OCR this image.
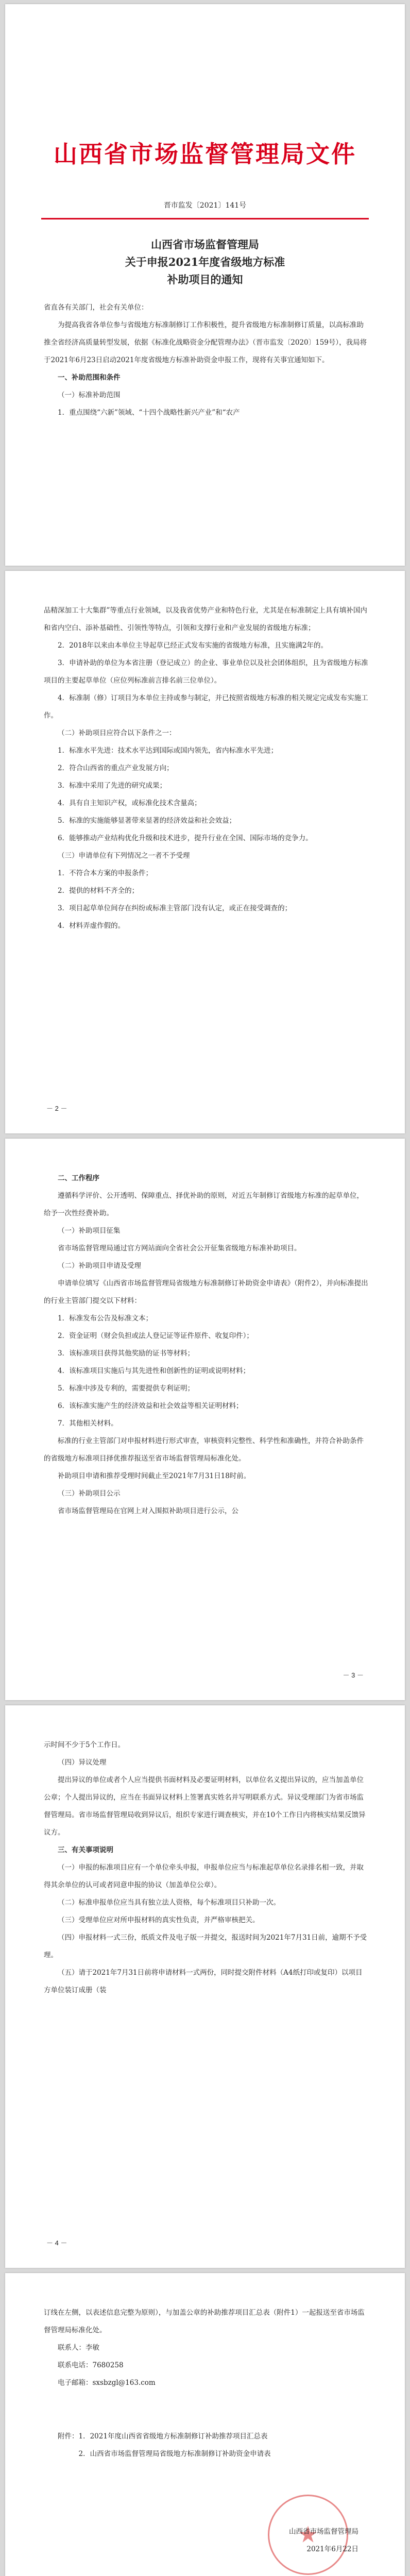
山西省市场监督管理局文件
晋市监发〔2021〕141号
山西省市场监督管理局
关于申报2021年度省级地方标准
补助项目的通知

省直各有关部门，社会有关单位：

为提高我省各单位参与省级地方标准制修订工作积极性，提升省级地方标准制修订质量，以高标准助推全省经济高质量转型发展，依据《标准化战略资金分配管理办法》（晋市监发〔2020〕159号），我局将于2021年6月23日启动2021年度省级地方标准补助资金申报工作，现将有关事宜通知如下。

一、补助范围和条件

（一）标准补助范围

1．重点围绕“六新”领域、“十四个战略性新兴产业”和“农产

品精深加工十大集群”等重点行业领域，以及我省优势产业和特色行业，尤其是在标准制定上具有填补国内和省内空白、添补基础性、引领性等特点，引领和支撑行业和产业发展的省级地方标准；

2．2018年以来由本单位主导起草已经正式发布实施的省级地方标准，且实施满2年的。

3．申请补助的单位为本省注册（登记成立）的企业、事业单位以及社会团体组织，且为省级地方标准项目的主要起草单位（应位列标准前言排名前三位单位）。

4．标准制（修）订项目为本单位主持或参与制定，并已按照省级地方标准的相关规定完成发布实施工作。

（二）补助项目应符合以下条件之一：

1．标准水平先进：技术水平达到国际或国内领先，省内标准水平先进；

2．符合山西省的重点产业发展方向；

3．标准中采用了先进的研究成果；

4．具有自主知识产权，或标准化技术含量高；

5．标准的实施能够显著带来显著的经济效益和社会效益；

6．能够推动产业结构优化升级和技术进步，提升行业在全国、国际市场的竞争力。

（三）申请单位有下列情况之一者不予受理

1．不符合本方案的申报条件；

2．提供的材料不齐全的；

3．项目起草单位间存在纠纷或标准主管部门没有认定，或正在接受调查的；

4．材料弄虚作假的。

－ 2 －

二、工作程序

遵循科学评价、公开透明、保障重点、择优补助的原则，对近五年制修订省级地方标准的起草单位，给予一次性经费补助。

（一）补助项目征集

省市场监督管理局通过官方网站面向全省社会公开征集省级地方标准补助项目。

（二）补助项目申请及受理

申请单位填写《山西省市场监督管理局省级地方标准制修订补助资金申请表》（附件2），并向标准提出的行业主管部门提交以下材料：

1．标准发布公告及标准文本；

2．资金证明（财会负担或法人登记证等证件原件、收复印件）；

3．该标准项目获得其他奖励的证书等材料；

4．该标准项目实施后与其先进性和创新性的证明或说明材料；

5．标准中涉及专利的，需要提供专利证明；

6．该标准实施产生的经济效益和社会效益等相关证明材料；

7．其他相关材料。

标准的行业主管部门对申报材料进行形式审查，审核资料完整性、科学性和准确性，并符合补助条件的省级地方标准项目择优推荐报送至省市场监督管理局标准化处。

补助项目申请和推荐受理时间截止至2021年7月31日18时前。

（三）补助项目公示

省市场监督管理局在官网上对入围拟补助项目进行公示，公

－ 3 －

示时间不少于5个工作日。

（四）异议处理

提出异议的单位或者个人应当提供书面材料及必要证明材料，以单位名义提出异议的，应当加盖单位公章；个人提出异议的，应当在书面异议材料上签署真实姓名并写明联系方式。异议受理部门为省市场监督管理局。省市场监督管理局收到异议后，组织专家进行调查核实，并在10个工作日内将核实结果反馈异议方。

三、有关事项说明

（一）申报的标准项目应有一个单位牵头申报，申报单位应当与标准起草单位名录排名相一致，并取得其余单位的认可或者同意申报的协议（加盖单位公章）。

（二）标准申报单位应当具有独立法人资格，每个标准项目只补助一次。

（三）受理单位应对所申报材料的真实性负责，并严格审核把关。

（四）申报材料一式三份，纸质文件及电子版一并提交，报送时间为2021年7月31日前，逾期不予受理。

（五）请于2021年7月31日前将申请材料一式两份，同时提交附件材料（A4纸打印或复印）以项目方单位装订成册（装

－ 4 －

订线在左侧，以表述信息完整为原则），与加盖公章的补助推荐项目汇总表（附件1）一起报送至省市场监督管理局标准化处。

联系人：李敏

联系电话：7680258

电子邮箱：sxsbzgl@163.com

附件：1．2021年度山西省省级地方标准制修订补助推荐项目汇总表

2．山西省市场监督管理局省级地方标准制修订补助资金申请表

★
山西省市场监督管理局
2021年6月22日
